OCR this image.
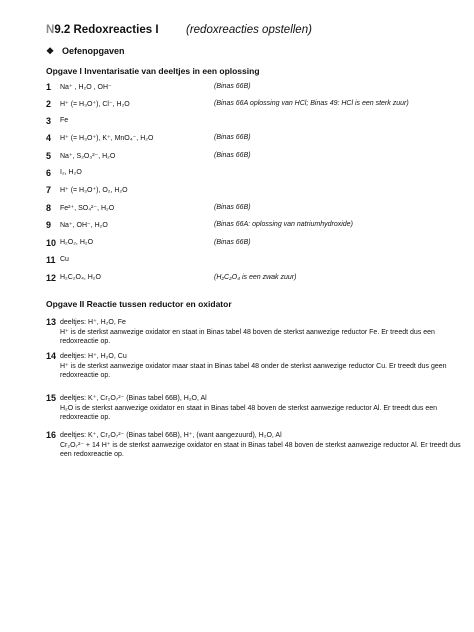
N9.2 Redoxreacties I (redoxreacties opstellen)
❖ Oefenopgaven
Opgave I Inventarisatie van deeltjes in een oplossing
1 Na⁺ , H₂O , OH⁻	(Binas 66B)
2 H⁺ (= H₃O⁺), Cl⁻, H₂O	(Binas 66A oplossing van HCl; Binas 49: HCl is een sterk zuur)
3 Fe
4 H⁺ (= H₃O⁺), K⁺, MnO₄⁻, H₂O	(Binas 66B)
5 Na⁺, S₂O₃²⁻, H₂O	(Binas 66B)
6 I₂, H₂O
7 H⁺ (= H₃O⁺), O₂, H₂O
8 Fe²⁺, SO₄²⁻, H₂O	(Binas 66B)
9 Na⁺, OH⁻, H₂O	(Binas 66A: oplossing van natriumhydroxide)
10 H₂O₂, H₂O	(Binas 66B)
11 Cu
12 H₂C₂O₄, H₂O	(H₂C₂O₄ is een zwak zuur)
Opgave II Reactie tussen reductor en oxidator
13 deeltjes: H⁺, H₂O, Fe
H⁺ is de sterkst aanwezige oxidator en staat in Binas tabel 48 boven de sterkst aanwezige reductor Fe. Er treedt dus een redoxreactie op.
14 deeltjes: H⁺, H₂O, Cu
H⁺ is de sterkst aanwezige oxidator maar staat in Binas tabel 48 onder de sterkst aanwezige reductor Cu. Er treedt dus geen redoxreactie op.
15 deeltjes: K⁺, Cr₂O₇²⁻ (Binas tabel 66B), H₂O, Al
H₂O is de sterkst aanwezige oxidator en staat in Binas tabel 48 boven de sterkst aanwezige reductor Al. Er treedt dus een redoxreactie op.
16 deeltjes: K⁺, Cr₂O₇²⁻ (Binas tabel 66B), H⁺, (want aangezuurd), H₂O, Al
Cr₂O₇²⁻ + 14 H⁺ is de sterkst aanwezige oxidator en staat in Binas tabel 48 boven de sterkst aanwezige reductor Al. Er treedt dus een redoxreactie op.
